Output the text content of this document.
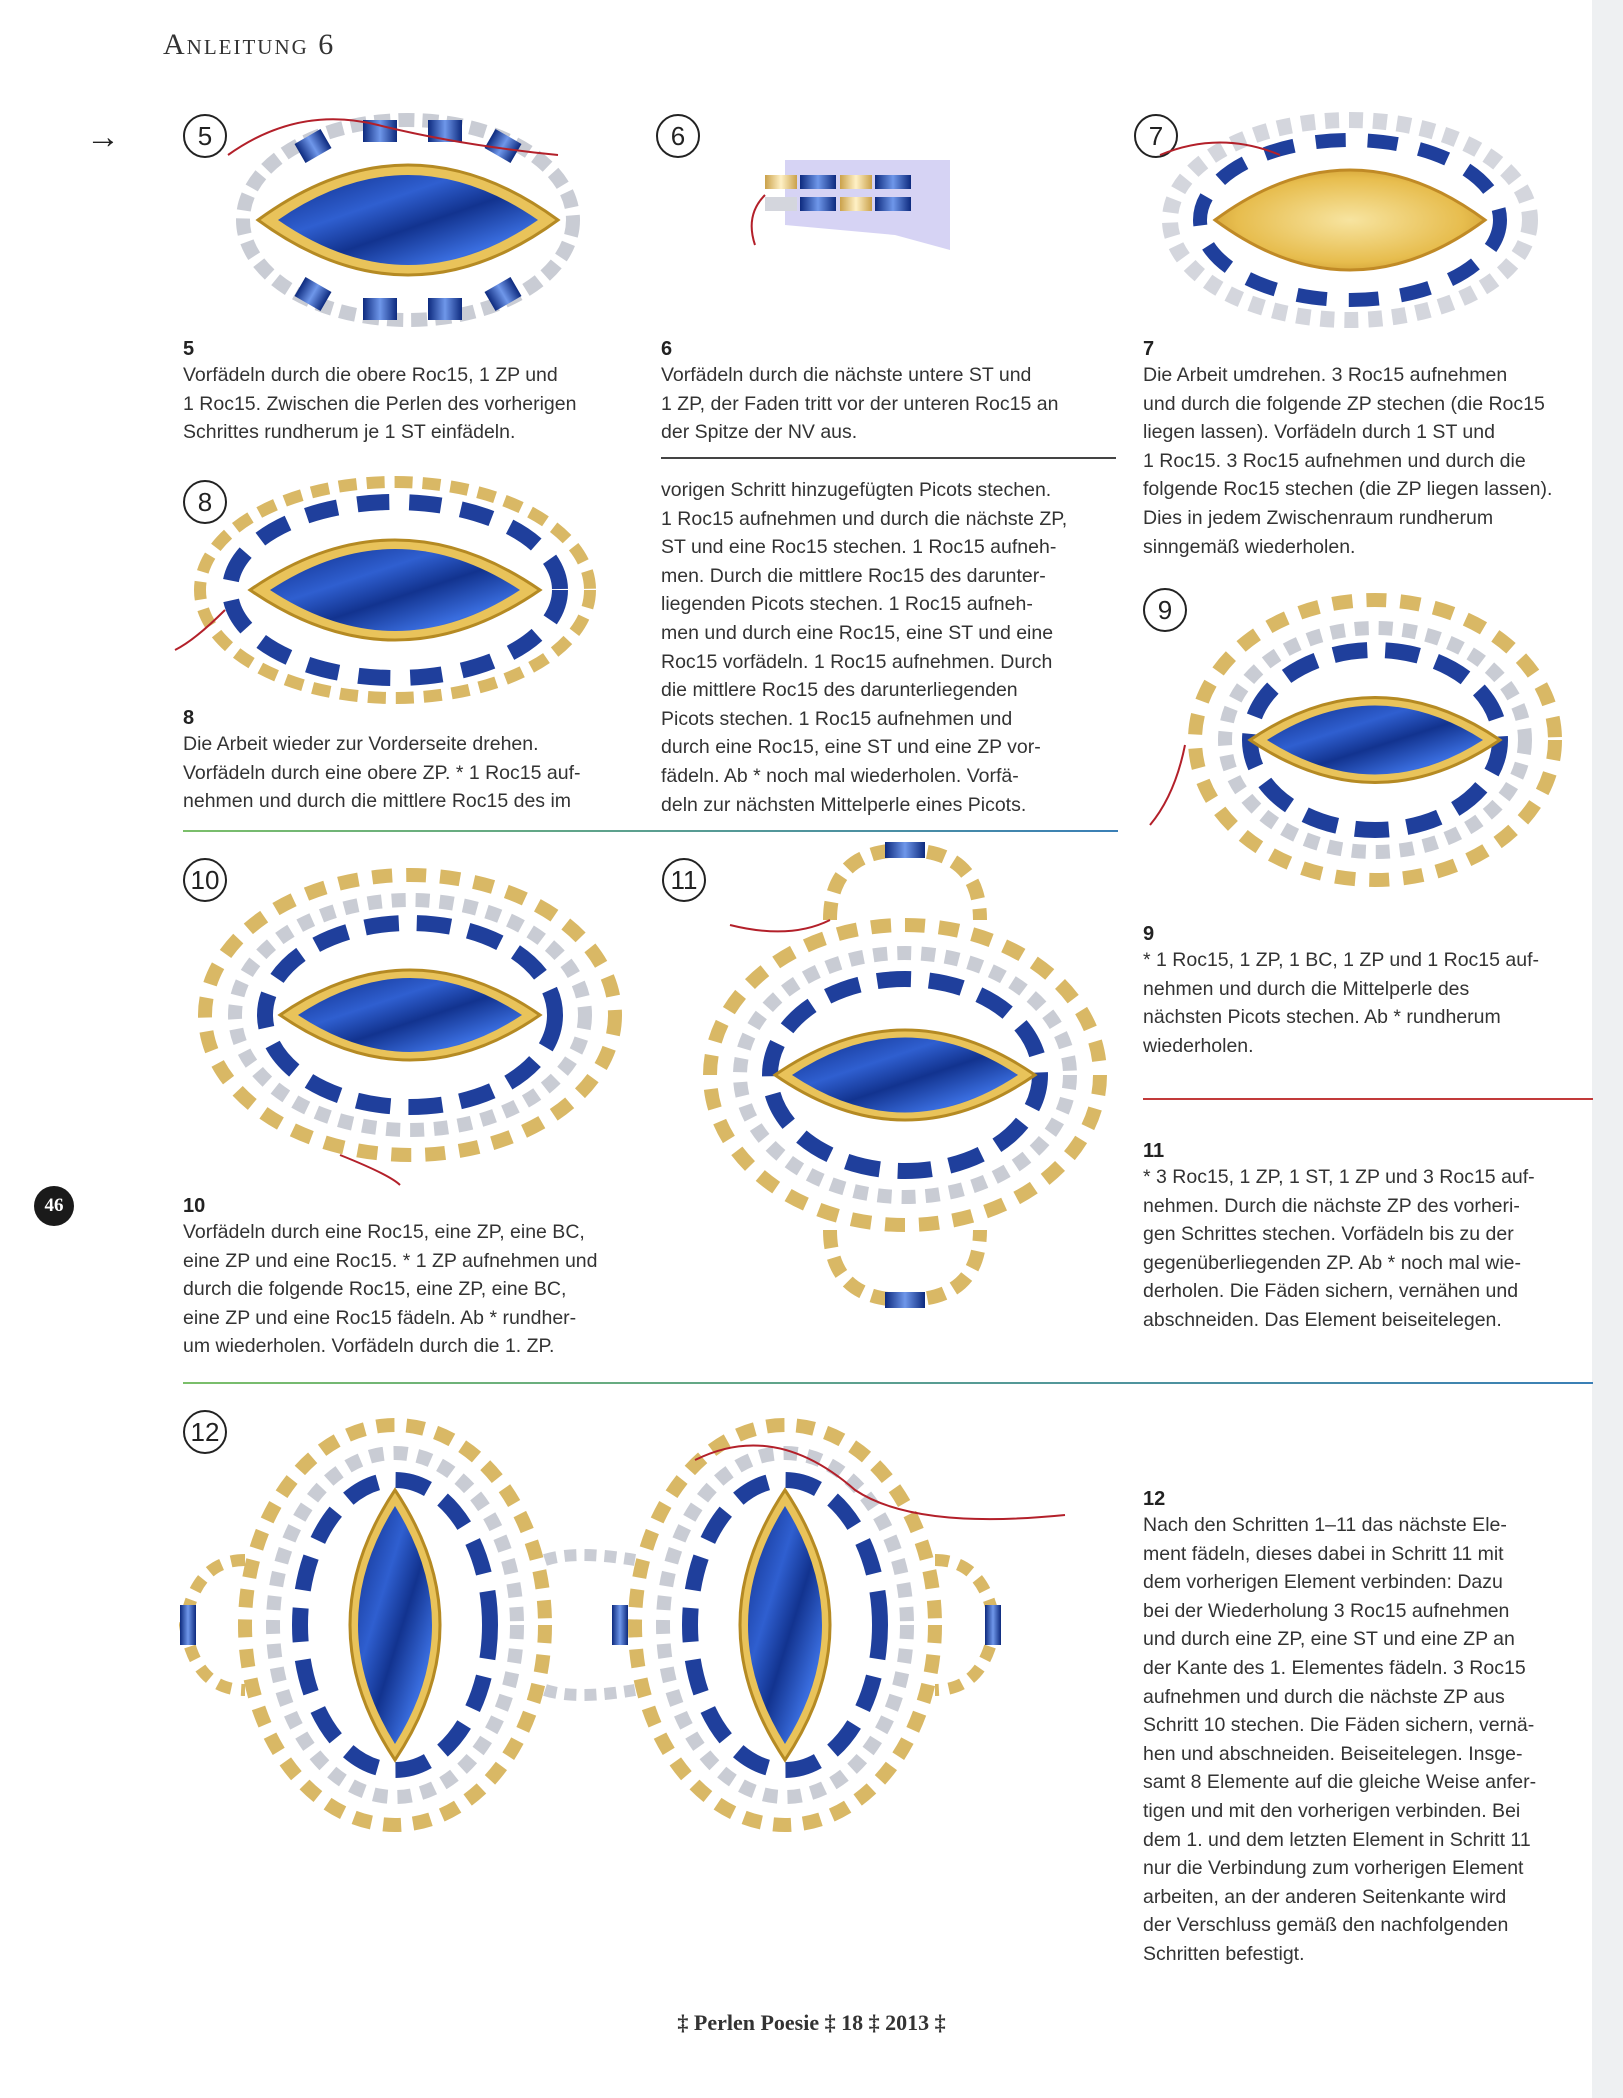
Anleitung 6
→	5	6	7
5
Vorfädeln durch die obere Roc15, 1 ZP und
1 Roc15. Zwischen die Perlen des vorherigen
Schrittes rundherum je 1 ST einfädeln.
6
Vorfädeln durch die nächste untere ST und
1 ZP, der Faden tritt vor der unteren Roc15 an
der Spitze der NV aus.
7
Die Arbeit umdrehen. 3 Roc15 aufnehmen
und durch die folgende ZP stechen (die Roc15
liegen lassen). Vorfädeln durch 1 ST und
1 Roc15. 3 Roc15 aufnehmen und durch die
folgende Roc15 stechen (die ZP liegen lassen).
Dies in jedem Zwischenraum rundherum
sinngemäß wiederholen.
8
8
Die Arbeit wieder zur Vorderseite drehen.
Vorfädeln durch eine obere ZP. * 1 Roc15 auf-
nehmen und durch die mittlere Roc15 des im
vorigen Schritt hinzugefügten Picots stechen.
1 Roc15 aufnehmen und durch die nächste ZP,
ST und eine Roc15 stechen. 1 Roc15 aufneh-
men. Durch die mittlere Roc15 des darunter-
liegenden Picots stechen. 1 Roc15 aufneh-
men und durch eine Roc15, eine ST und eine
Roc15 vorfädeln. 1 Roc15 aufnehmen. Durch
die mittlere Roc15 des darunterliegenden
Picots stechen. 1 Roc15 aufnehmen und
durch eine Roc15, eine ST und eine ZP vor-
fädeln. Ab * noch mal wiederholen. Vorfä-
deln zur nächsten Mittelperle eines Picots.
9
9
* 1 Roc15, 1 ZP, 1 BC, 1 ZP und 1 Roc15 auf-
nehmen und durch die Mittelperle des
nächsten Picots stechen. Ab * rundherum
wiederholen.
10
10
Vorfädeln durch eine Roc15, eine ZP, eine BC,
eine ZP und eine Roc15. * 1 ZP aufnehmen und
durch die folgende Roc15, eine ZP, eine BC,
eine ZP und eine Roc15 fädeln. Ab * rundher-
um wiederholen. Vorfädeln durch die 1. ZP.
11
11
* 3 Roc15, 1 ZP, 1 ST, 1 ZP und 3 Roc15 auf-
nehmen. Durch die nächste ZP des vorheri-
gen Schrittes stechen. Vorfädeln bis zu der
gegenüberliegenden ZP. Ab * noch mal wie-
derholen. Die Fäden sichern, vernähen und
abschneiden. Das Element beiseitelegen.
46
12
12
Nach den Schritten 1–11 das nächste Ele-
ment fädeln, dieses dabei in Schritt 11 mit
dem vorherigen Element verbinden: Dazu
bei der Wiederholung 3 Roc15 aufnehmen
und durch eine ZP, eine ST und eine ZP an
der Kante des 1. Elementes fädeln. 3 Roc15
aufnehmen und durch die nächste ZP aus
Schritt 10 stechen. Die Fäden sichern, vernä-
hen und abschneiden. Beiseitelegen. Insge-
samt 8 Elemente auf die gleiche Weise anfer-
tigen und mit den vorherigen verbinden. Bei
dem 1. und dem letzten Element in Schritt 11
nur die Verbindung zum vorherigen Element
arbeiten, an der anderen Seitenkante wird
der Verschluss gemäß den nachfolgenden
Schritten befestigt.
‡ Perlen Poesie ‡ 18 ‡ 2013 ‡
